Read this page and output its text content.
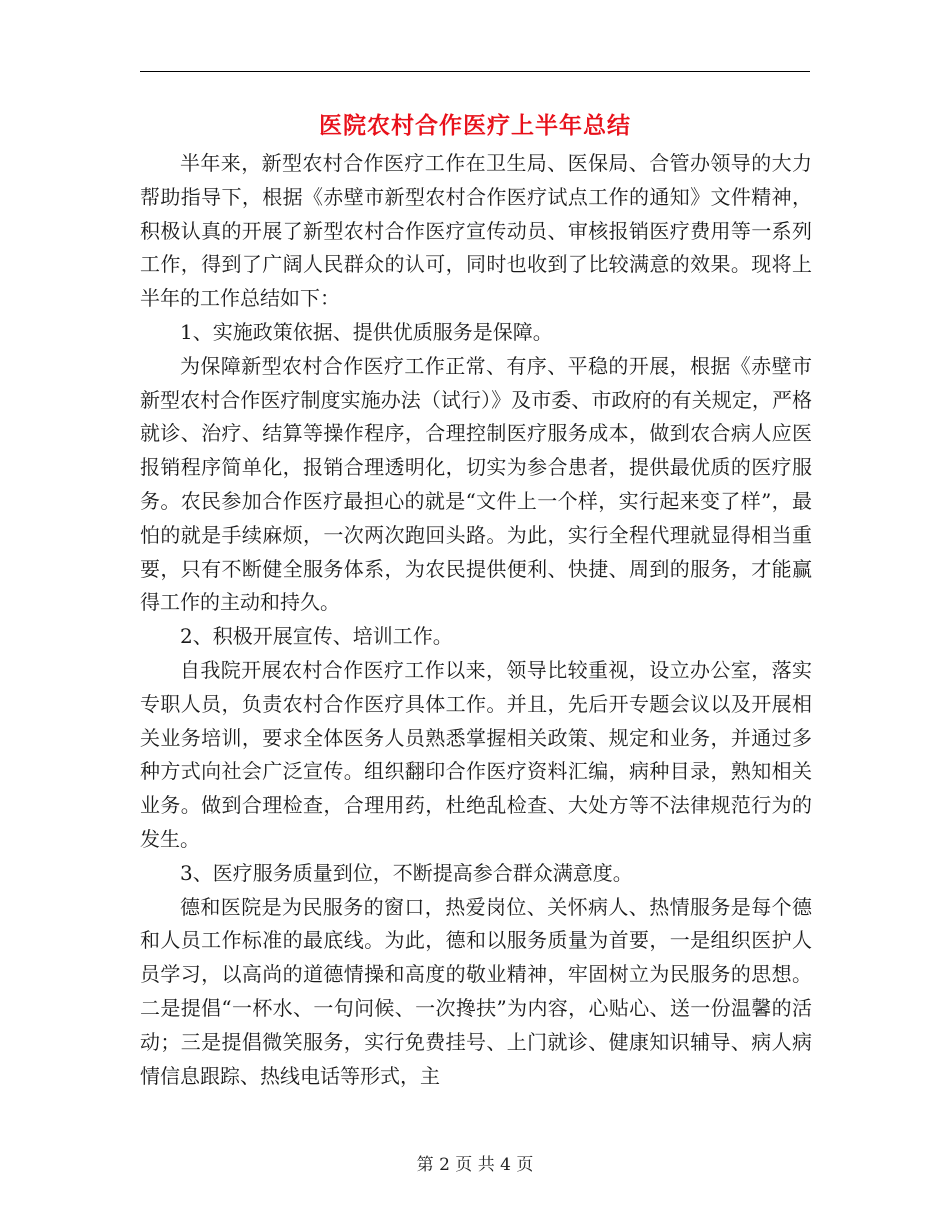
医院农村合作医疗上半年总结

半年来，新型农村合作医疗工作在卫生局、医保局、合管办领导的大力帮助指导下，根据《赤壁市新型农村合作医疗试点工作的通知》文件精神，积极认真的开展了新型农村合作医疗宣传动员、审核报销医疗费用等一系列工作，得到了广阔人民群众的认可，同时也收到了比较满意的效果。现将上半年的工作总结如下：

1、实施政策依据、提供优质服务是保障。

为保障新型农村合作医疗工作正常、有序、平稳的开展，根据《赤壁市新型农村合作医疗制度实施办法（试行）》及市委、市政府的有关规定，严格就诊、治疗、结算等操作程序，合理控制医疗服务成本，做到农合病人应医报销程序简单化，报销合理透明化，切实为参合患者，提供最优质的医疗服务。农民参加合作医疗最担心的就是“文件上一个样，实行起来变了样”，最怕的就是手续麻烦，一次两次跑回头路。为此，实行全程代理就显得相当重要，只有不断健全服务体系，为农民提供便利、快捷、周到的服务，才能赢得工作的主动和持久。

2、积极开展宣传、培训工作。

自我院开展农村合作医疗工作以来，领导比较重视，设立办公室，落实专职人员，负责农村合作医疗具体工作。并且，先后开专题会议以及开展相关业务培训，要求全体医务人员熟悉掌握相关政策、规定和业务，并通过多种方式向社会广泛宣传。组织翻印合作医疗资料汇编，病种目录，熟知相关业务。做到合理检查，合理用药，杜绝乱检查、大处方等不法律规范行为的发生。

3、医疗服务质量到位，不断提高参合群众满意度。

德和医院是为民服务的窗口，热爱岗位、关怀病人、热情服务是每个德和人员工作标准的最底线。为此，德和以服务质量为首要，一是组织医护人员学习，以高尚的道德情操和高度的敬业精神，牢固树立为民服务的思想。二是提倡“一杯水、一句问候、一次搀扶”为内容，心贴心、送一份温馨的活动；三是提倡微笑服务，实行免费挂号、上门就诊、健康知识辅导、病人病情信息跟踪、热线电话等形式，主

第 2 页 共 4 页
